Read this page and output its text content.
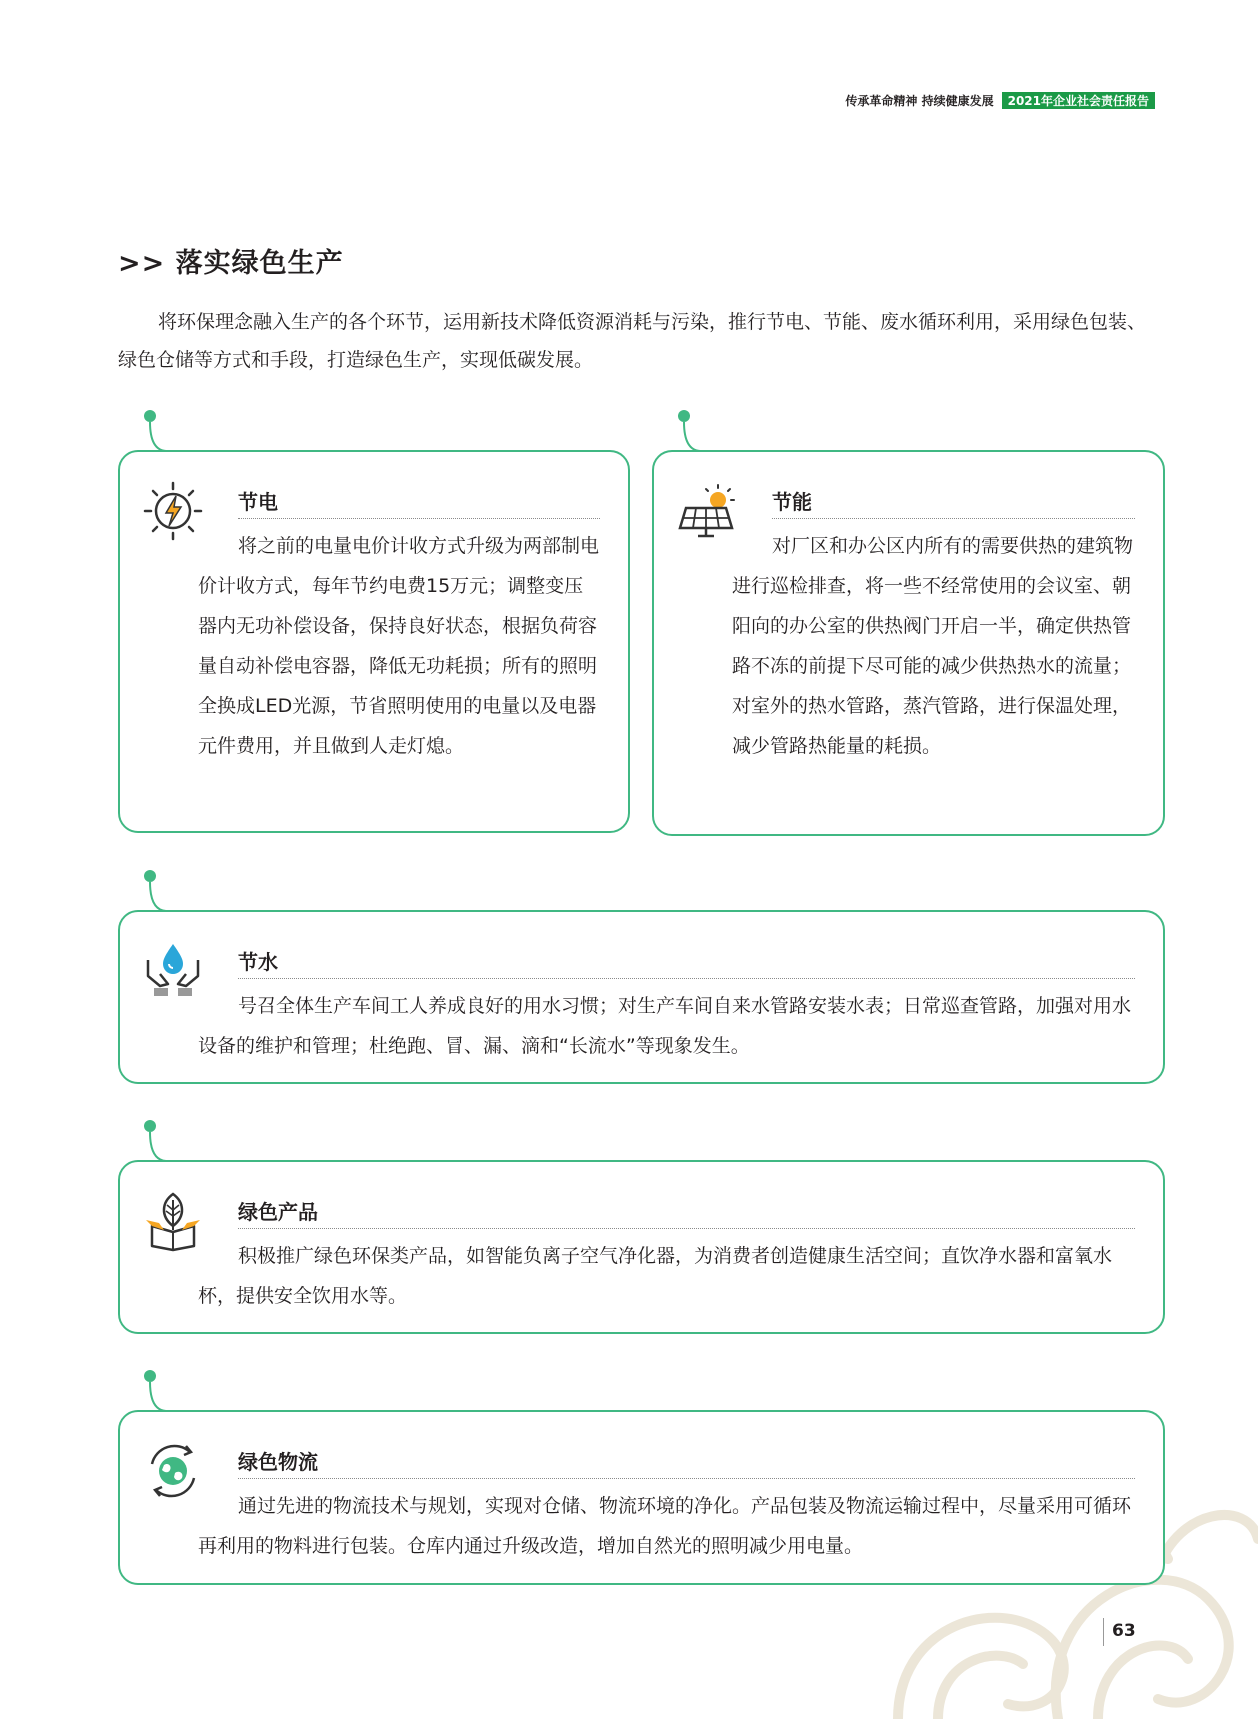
传承革命精神 持续健康发展	2021年企业社会责任报告
>> 落实绿色生产

将环保理念融入生产的各个环节，运用新技术降低资源消耗与污染，推行节电、节能、废水循环利用，采用绿色包装、绿色仓储等方式和手段，打造绿色生产，实现低碳发展。

节电

将之前的电量电价计收方式升级为两部制电价计收方式，每年节约电费15万元；调整变压器内无功补偿设备，保持良好状态，根据负荷容量自动补偿电容器，降低无功耗损；所有的照明全换成LED光源，节省照明使用的电量以及电器元件费用，并且做到人走灯熄。

节能

对厂区和办公区内所有的需要供热的建筑物进行巡检排查，将一些不经常使用的会议室、朝阳向的办公室的供热阀门开启一半，确定供热管路不冻的前提下尽可能的减少供热热水的流量；对室外的热水管路，蒸汽管路，进行保温处理，减少管路热能量的耗损。

节水

号召全体生产车间工人养成良好的用水习惯；对生产车间自来水管路安装水表；日常巡查管路，加强对用水设备的维护和管理；杜绝跑、冒、漏、滴和“长流水”等现象发生。

绿色产品

积极推广绿色环保类产品，如智能负离子空气净化器，为消费者创造健康生活空间；直饮净水器和富氧水杯，提供安全饮用水等。

绿色物流

通过先进的物流技术与规划，实现对仓储、物流环境的净化。产品包装及物流运输过程中，尽量采用可循环再利用的物料进行包装。仓库内通过升级改造，增加自然光的照明减少用电量。

63
